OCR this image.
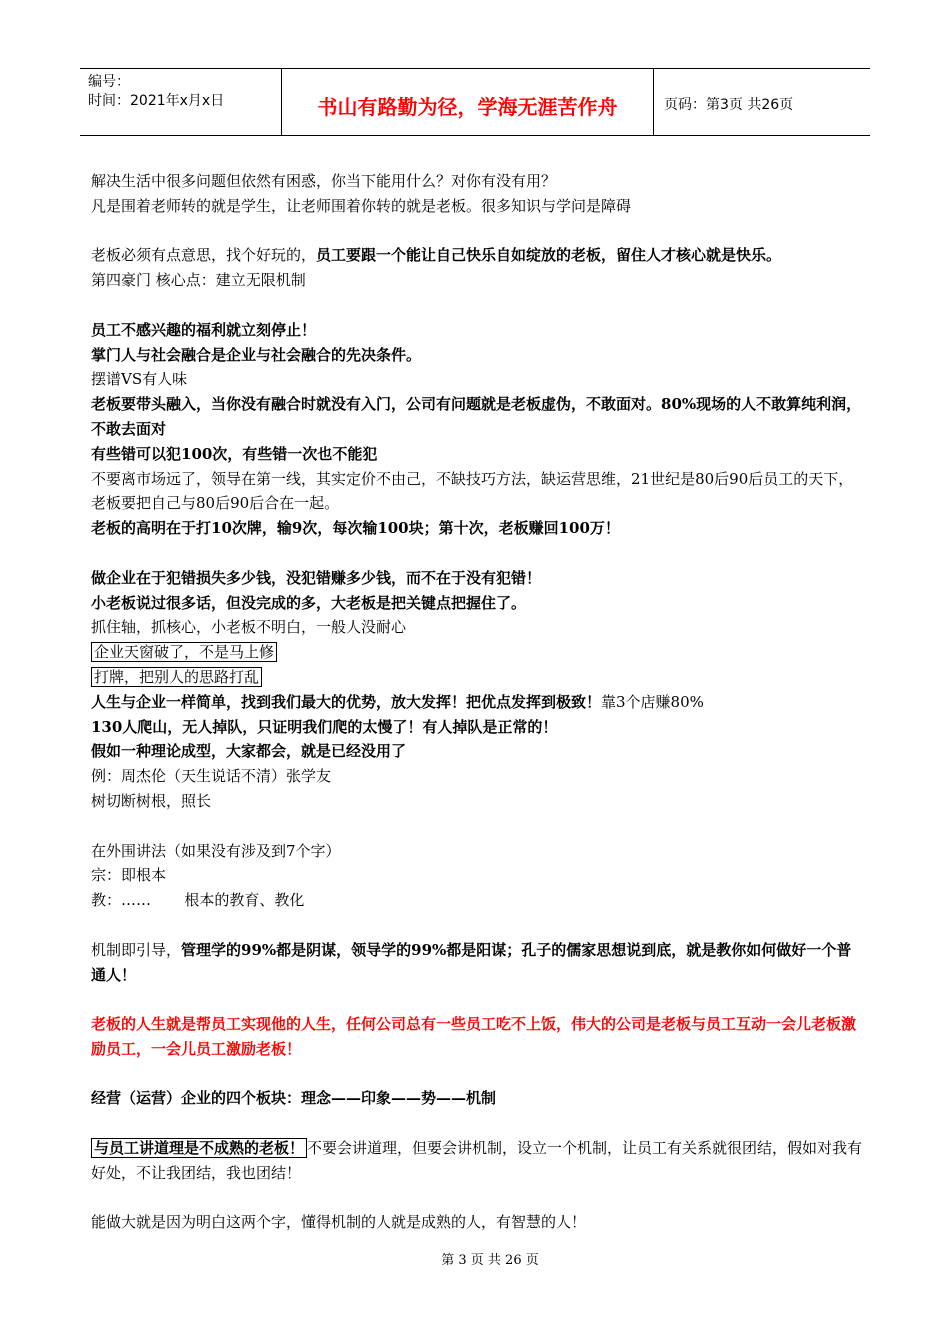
编号：
时间：2021年x月x日	书山有路勤为径，学海无涯苦作舟	页码：第3页 共26页
解决生活中很多问题但依然有困惑，你当下能用什么？对你有没有用？
凡是围着老师转的就是学生，让老师围着你转的就是老板。很多知识与学问是障碍
老板必须有点意思，找个好玩的，员工要跟一个能让自己快乐自如绽放的老板，留住人才核心就是快乐。
第四豪门 核心点：建立无限机制
员工不感兴趣的福利就立刻停止！
掌门人与社会融合是企业与社会融合的先决条件。
摆谱VS有人味
老板要带头融入，当你没有融合时就没有入门，公司有问题就是老板虚伪，不敢面对。80%现场的人不敢算纯利润，不敢去面对
有些错可以犯100次，有些错一次也不能犯
不要离市场远了，领导在第一线，其实定价不由己，不缺技巧方法，缺运营思维，21世纪是80后90后员工的天下，老板要把自己与80后90后合在一起。
老板的高明在于打10次牌，输9次，每次输100块；第十次，老板赚回100万！
做企业在于犯错损失多少钱，没犯错赚多少钱，而不在于没有犯错！
小老板说过很多话，但没完成的多，大老板是把关键点把握住了。
抓住轴，抓核心，小老板不明白，一般人没耐心
企业天窗破了，不是马上修
打牌，把别人的思路打乱
人生与企业一样简单，找到我们最大的优势，放大发挥！把优点发挥到极致！靠3个店赚80%
130人爬山，无人掉队，只证明我们爬的太慢了！有人掉队是正常的！
假如一种理论成型，大家都会，就是已经没用了
例：周杰伦（天生说话不清）张学友
树切断树根，照长
在外围讲法（如果没有涉及到7个字）
宗：即根本
教：……       根本的教育、教化
机制即引导，管理学的99%都是阴谋，领导学的99%都是阳谋；孔子的儒家思想说到底，就是教你如何做好一个普通人！
老板的人生就是帮员工实现他的人生，任何公司总有一些员工吃不上饭，伟大的公司是老板与员工互动一会儿老板激励员工，一会儿员工激励老板！
经营（运营）企业的四个板块：理念——印象——势——机制
与员工讲道理是不成熟的老板！ 不要会讲道理，但要会讲机制，设立一个机制，让员工有关系就很团结，假如对我有好处，不让我团结，我也团结！
能做大就是因为明白这两个字，懂得机制的人就是成熟的人，有智慧的人！
第 3 页 共 26 页
